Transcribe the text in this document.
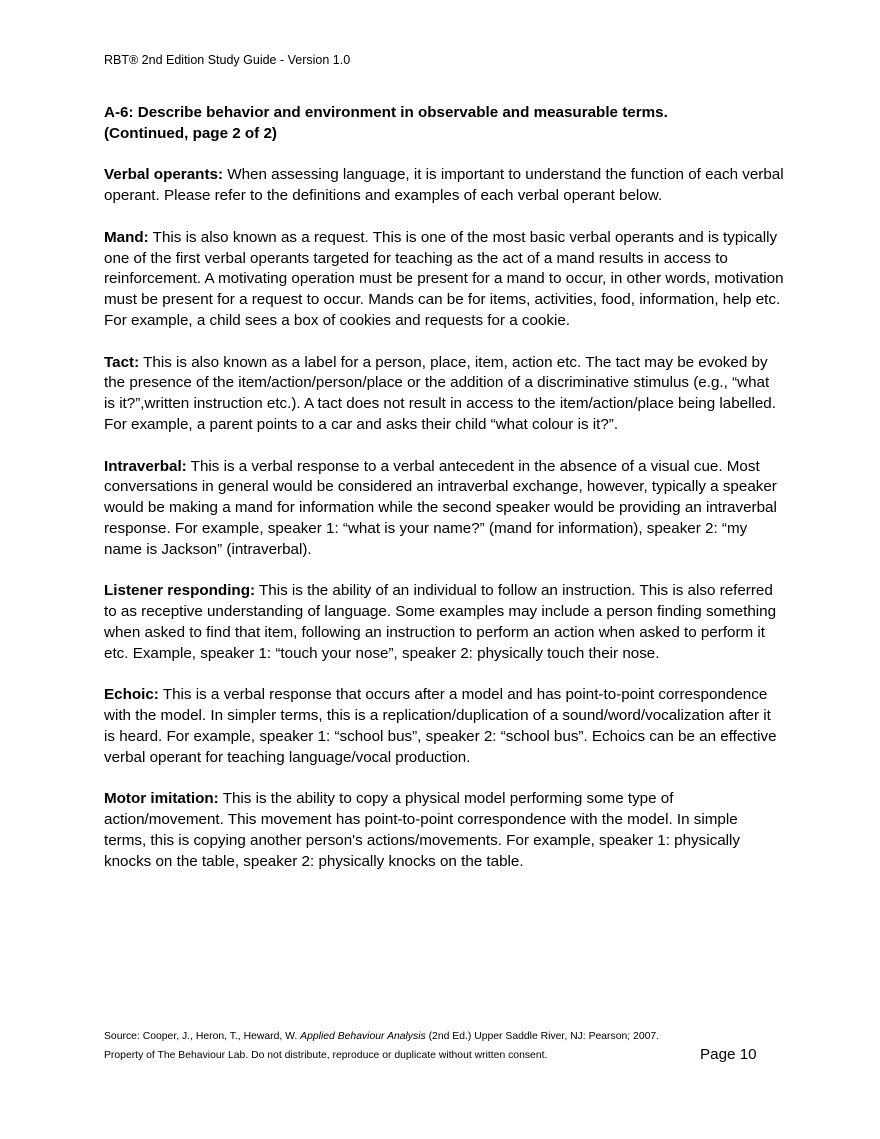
RBT® 2nd Edition Study Guide - Version 1.0
A-6: Describe behavior and environment in observable and measurable terms.
(Continued, page 2 of 2)

Verbal operants: When assessing language, it is important to understand the function of each verbal operant. Please refer to the definitions and examples of each verbal operant below.

Mand: This is also known as a request. This is one of the most basic verbal operants and is typically one of the first verbal operants targeted for teaching as the act of a mand results in access to reinforcement. A motivating operation must be present for a mand to occur, in other words, motivation must be present for a request to occur. Mands can be for items, activities, food, information, help etc. For example, a child sees a box of cookies and requests for a cookie.

Tact: This is also known as a label for a person, place, item, action etc. The tact may be evoked by the presence of the item/action/person/place or the addition of a discriminative stimulus (e.g., “what is it?”,written instruction etc.). A tact does not result in access to the item/action/place being labelled. For example, a parent points to a car and asks their child “what colour is it?”.

Intraverbal: This is a verbal response to a verbal antecedent in the absence of a visual cue. Most conversations in general would be considered an intraverbal exchange, however, typically a speaker would be making a mand for information while the second speaker would be providing an intraverbal response. For example, speaker 1: “what is your name?” (mand for information), speaker 2: “my name is Jackson” (intraverbal).

Listener responding: This is the ability of an individual to follow an instruction. This is also referred to as receptive understanding of language. Some examples may include a person finding something when asked to find that item, following an instruction to perform an action when asked to perform it etc. Example, speaker 1: “touch your nose”, speaker 2: physically touch their nose.

Echoic: This is a verbal response that occurs after a model and has point-to-point correspondence with the model. In simpler terms, this is a replication/duplication of a sound/word/vocalization after it is heard. For example, speaker 1: “school bus”, speaker 2: “school bus”. Echoics can be an effective verbal operant for teaching language/vocal production.

Motor imitation: This is the ability to copy a physical model performing some type of action/movement. This movement has point-to-point correspondence with the model. In simple terms, this is copying another person's actions/movements. For example, speaker 1: physically knocks on the table, speaker 2: physically knocks on the table.

Source: Cooper, J., Heron, T., Heward, W. Applied Behaviour Analysis (2nd Ed.) Upper Saddle River, NJ: Pearson; 2007.
Property of The Behaviour Lab. Do not distribute, reproduce or duplicate without written consent.	Page 10
